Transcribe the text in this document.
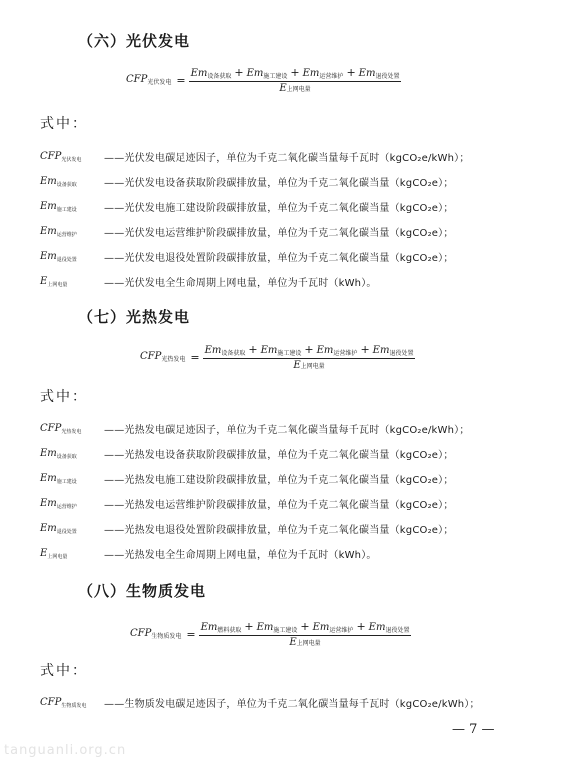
（六）光伏发电
$CFP_{光伏发电} = Em_{设备获取} + Em_{施工建设} + Em_{运营维护} + Em_{退役处置}$
E 上网电量
式中：
$CFP_{光伏发电}$	——光伏发电碳足迹因子，单位为千克二氧化碳当量每千瓦时（kgCO₂e/kWh）；
$Em_{设备获取}$	——光伏发电设备获取阶段碳排放量，单位为千克二氧化碳当量（kgCO₂e）；
$Em_{施工建设}$	——光伏发电施工建设阶段碳排放量，单位为千克二氧化碳当量（kgCO₂e）；
$Em_{运营维护}$	——光伏发电运营维护阶段碳排放量，单位为千克二氧化碳当量（kgCO₂e）；
$Em_{退役处置}$	——光伏发电退役处置阶段碳排放量，单位为千克二氧化碳当量（kgCO₂e）；
$E_{上网电量}$	——光伏发电全生命周期上网电量，单位为千瓦时（kWh）。
（七）光热发电
$CFP_{光热发电} = Em_{设备获取} + Em_{施工建设} + Em_{运营维护} + Em_{退役处置}$
E 上网电量
式中：
$CFP_{光热发电}$	——光热发电碳足迹因子，单位为千克二氧化碳当量每千瓦时（kgCO₂e/kWh）；
$Em_{设备获取}$	——光热发电设备获取阶段碳排放量，单位为千克二氧化碳当量（kgCO₂e）；
$Em_{施工建设}$	——光热发电施工建设阶段碳排放量，单位为千克二氧化碳当量（kgCO₂e）；
$Em_{运营维护}$	——光热发电运营维护阶段碳排放量，单位为千克二氧化碳当量（kgCO₂e）；
$Em_{退役处置}$	——光热发电退役处置阶段碳排放量，单位为千克二氧化碳当量（kgCO₂e）；
$E_{上网电量}$	——光热发电全生命周期上网电量，单位为千瓦时（kWh）。
（八）生物质发电
$CFP_{生物质发电} = Em_{燃料获取} + Em_{施工建设} + Em_{运营维护} + Em_{退役处置}$
E 上网电量
式中：
$CFP_{生物质发电}$	——生物质发电碳足迹因子，单位为千克二氧化碳当量每千瓦时（kgCO₂e/kWh）；
— 7 —
tanguanli.org.cn
